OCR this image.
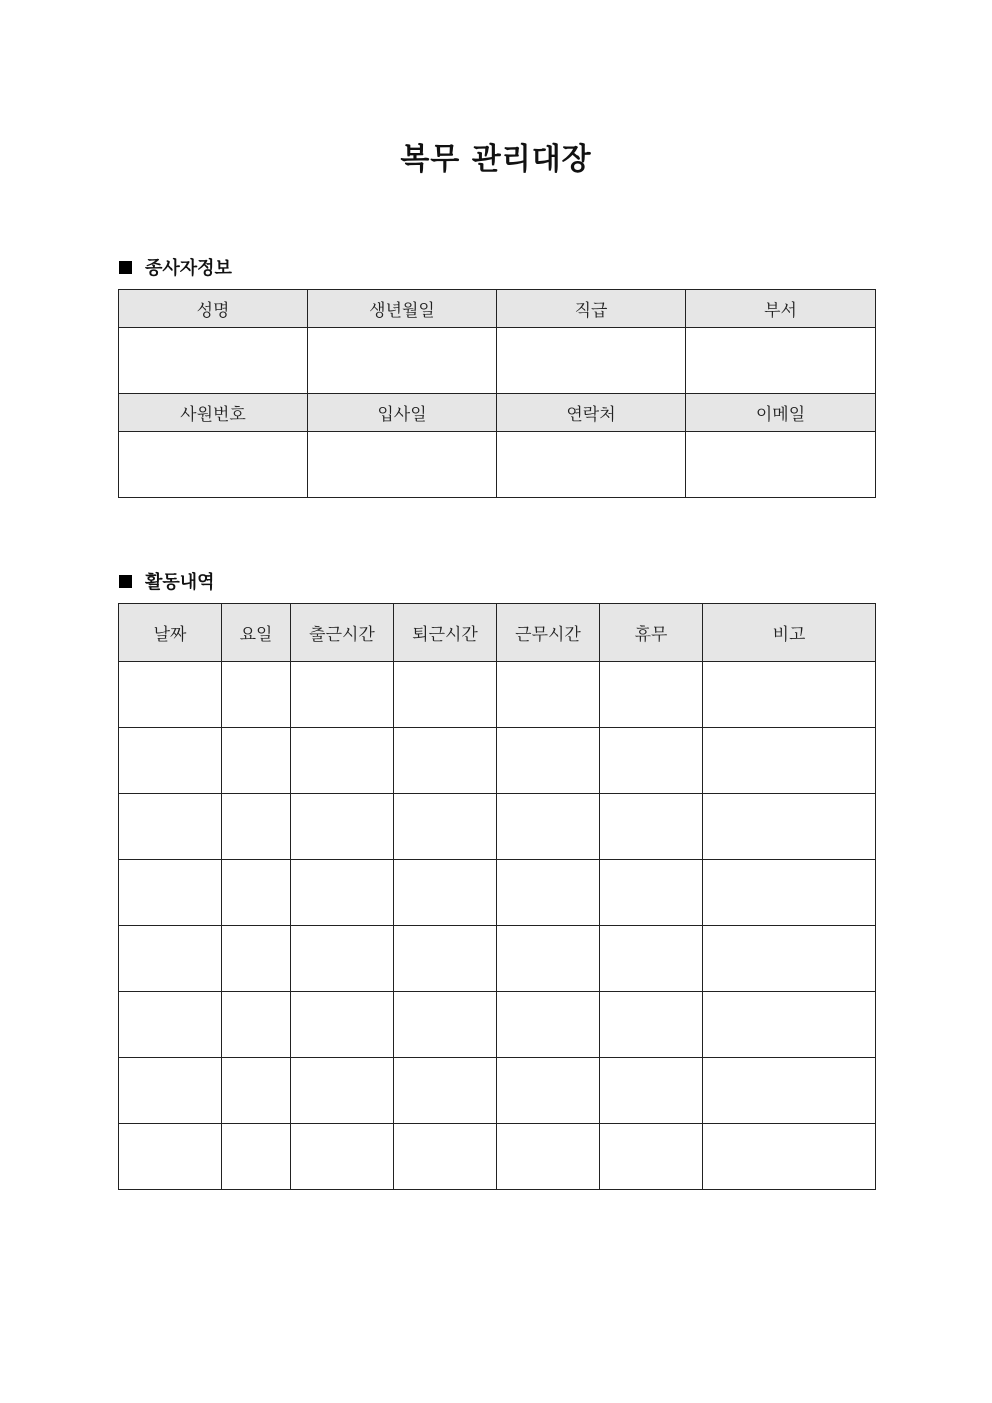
복무 관리대장
종사자정보
성명	생년월일	직급	부서

사원번호	입사일	연락처	이메일

활동내역
날짜	요일	출근시간	퇴근시간	근무시간	휴무	비고
